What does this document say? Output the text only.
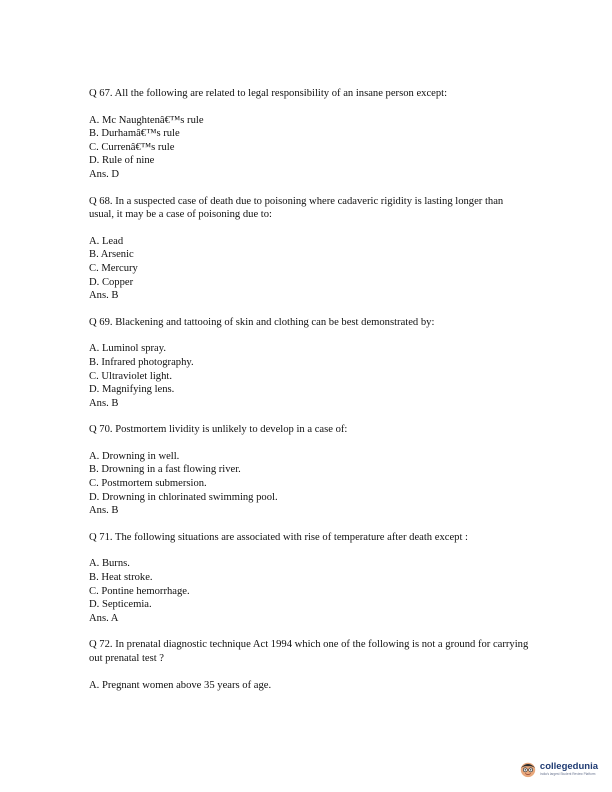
Q 67. All the following are related to legal responsibility of an insane person except:

A. Mc Naughtenâ€™s rule

B. Durhamâ€™s rule

C. Currenâ€™s rule

D. Rule of nine

Ans. D

Q 68. In a suspected case of death due to poisoning where cadaveric rigidity is lasting longer than usual, it may be a case of poisoning due to:

A. Lead

B. Arsenic

C. Mercury

D. Copper

Ans. B

Q 69. Blackening and tattooing of skin and clothing can be best demonstrated by:

A. Luminol spray.

B. Infrared photography.

C. Ultraviolet light.

D. Magnifying lens.

Ans. B

Q 70. Postmortem lividity is unlikely to develop in a case of:

A. Drowning in well.

B. Drowning in a fast flowing river.

C. Postmortem submersion.

D. Drowning in chlorinated swimming pool.

Ans. B

Q 71. The following situations are associated with rise of temperature after death except :

A. Burns.

B. Heat stroke.

C. Pontine hemorrhage.

D. Septicemia.

Ans. A

Q 72. In prenatal diagnostic technique Act 1994 which one of the following is not a ground for carrying out prenatal test ?

A. Pregnant women above 35 years of age.

collegedunia
India's largest Student Review Platform
